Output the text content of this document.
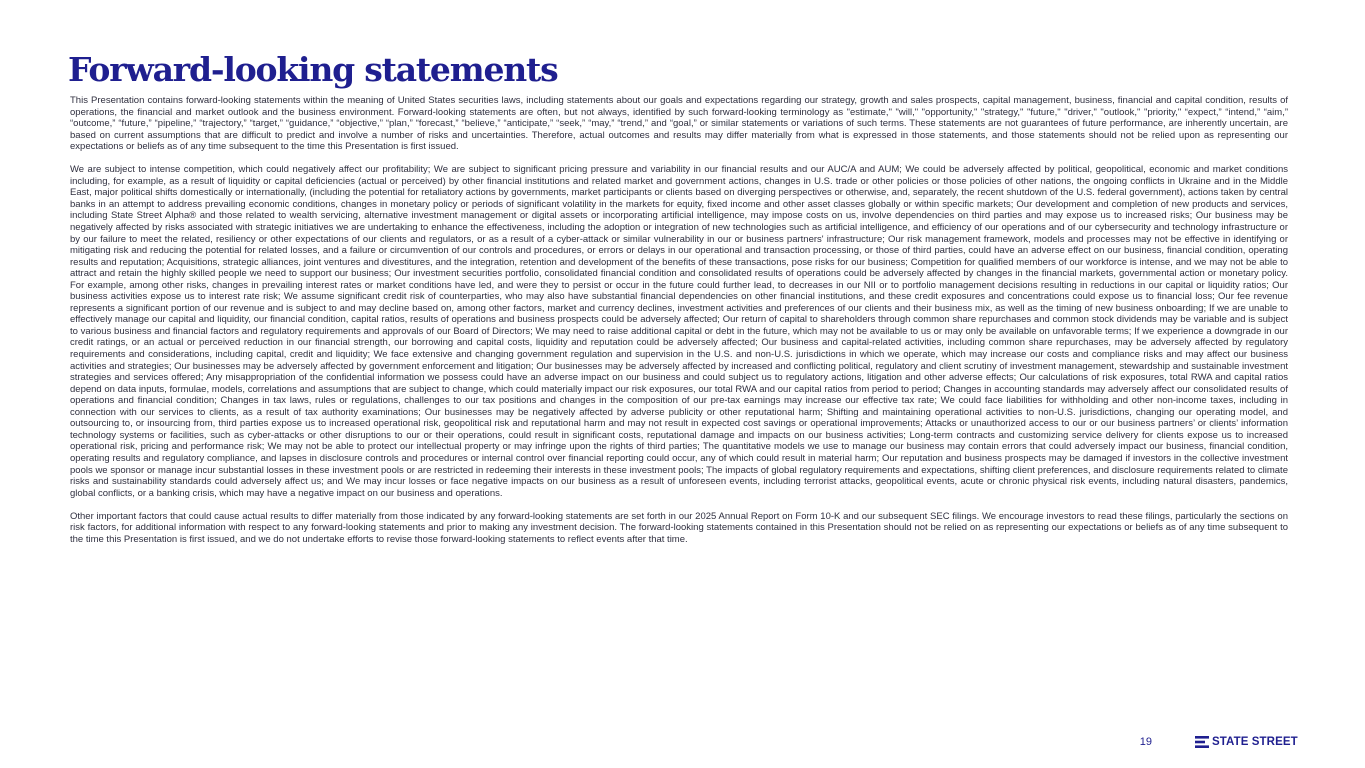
Forward-looking statements

This Presentation contains forward-looking statements within the meaning of United States securities laws, including statements about our goals and expectations regarding our strategy, growth and sales prospects, capital management, business, financial and capital condition, results of operations, the financial and market outlook and the business environment. Forward-looking statements are often, but not always, identified by such forward-looking terminology as "estimate," "will," "opportunity," "strategy," "future," "driver," "outlook," "priority," “expect,” “intend,” “aim,” “outcome,” “future,” “pipeline,” “trajectory,” “target,” “guidance,” “objective,” “plan,” “forecast,” “believe,” “anticipate,” “seek,” “may,” “trend,” and “goal,” or similar statements or variations of such terms. These statements are not guarantees of future performance, are inherently uncertain, are based on current assumptions that are difficult to predict and involve a number of risks and uncertainties. Therefore, actual outcomes and results may differ materially from what is expressed in those statements, and those statements should not be relied upon as representing our expectations or beliefs as of any time subsequent to the time this Presentation is first issued.

We are subject to intense competition, which could negatively affect our profitability; We are subject to significant pricing pressure and variability in our financial results and our AUC/A and AUM; We could be adversely affected by political, geopolitical, economic and market conditions including, for example, as a result of liquidity or capital deficiencies (actual or perceived) by other financial institutions and related market and government actions, changes in U.S. trade or other policies or those policies of other nations, the ongoing conflicts in Ukraine and in the Middle East, major political shifts domestically or internationally, (including the potential for retaliatory actions by governments, market participants or clients based on diverging perspectives or otherwise, and, separately, the recent shutdown of the U.S. federal government), actions taken by central banks in an attempt to address prevailing economic conditions, changes in monetary policy or periods of significant volatility in the markets for equity, fixed income and other asset classes globally or within specific markets; Our development and completion of new products and services, including State Street Alpha® and those related to wealth servicing, alternative investment management or digital assets or incorporating artificial intelligence, may impose costs on us, involve dependencies on third parties and may expose us to increased risks; Our business may be negatively affected by risks associated with strategic initiatives we are undertaking to enhance the effectiveness, including the adoption or integration of new technologies such as artificial intelligence, and efficiency of our operations and of our cybersecurity and technology infrastructure or by our failure to meet the related, resiliency or other expectations of our clients and regulators, or as a result of a cyber-attack or similar vulnerability in our or business partners' infrastructure; Our risk management framework, models and processes may not be effective in identifying or mitigating risk and reducing the potential for related losses, and a failure or circumvention of our controls and procedures, or errors or delays in our operational and transaction processing, or those of third parties, could have an adverse effect on our business, financial condition, operating results and reputation; Acquisitions, strategic alliances, joint ventures and divestitures, and the integration, retention and development of the benefits of these transactions, pose risks for our business; Competition for qualified members of our workforce is intense, and we may not be able to attract and retain the highly skilled people we need to support our business; Our investment securities portfolio, consolidated financial condition and consolidated results of operations could be adversely affected by changes in the financial markets, governmental action or monetary policy. For example, among other risks, changes in prevailing interest rates or market conditions have led, and were they to persist or occur in the future could further lead, to decreases in our NII or to portfolio management decisions resulting in reductions in our capital or liquidity ratios; Our business activities expose us to interest rate risk; We assume significant credit risk of counterparties, who may also have substantial financial dependencies on other financial institutions, and these credit exposures and concentrations could expose us to financial loss; Our fee revenue represents a significant portion of our revenue and is subject to and may decline based on, among other factors, market and currency declines, investment activities and preferences of our clients and their business mix, as well as the timing of new business onboarding; If we are unable to effectively manage our capital and liquidity, our financial condition, capital ratios, results of operations and business prospects could be adversely affected; Our return of capital to shareholders through common share repurchases and common stock dividends may be variable and is subject to various business and financial factors and regulatory requirements and approvals of our Board of Directors; We may need to raise additional capital or debt in the future, which may not be available to us or may only be available on unfavorable terms; If we experience a downgrade in our credit ratings, or an actual or perceived reduction in our financial strength, our borrowing and capital costs, liquidity and reputation could be adversely affected; Our business and capital-related activities, including common share repurchases, may be adversely affected by regulatory requirements and considerations, including capital, credit and liquidity; We face extensive and changing government regulation and supervision in the U.S. and non-U.S. jurisdictions in which we operate, which may increase our costs and compliance risks and may affect our business activities and strategies; Our businesses may be adversely affected by government enforcement and litigation; Our businesses may be adversely affected by increased and conflicting political, regulatory and client scrutiny of investment management, stewardship and sustainable investment strategies and services offered; Any misappropriation of the confidential information we possess could have an adverse impact on our business and could subject us to regulatory actions, litigation and other adverse effects; Our calculations of risk exposures, total RWA and capital ratios depend on data inputs, formulae, models, correlations and assumptions that are subject to change, which could materially impact our risk exposures, our total RWA and our capital ratios from period to period; Changes in accounting standards may adversely affect our consolidated results of operations and financial condition; Changes in tax laws, rules or regulations, challenges to our tax positions and changes in the composition of our pre-tax earnings may increase our effective tax rate; We could face liabilities for withholding and other non-income taxes, including in connection with our services to clients, as a result of tax authority examinations; Our businesses may be negatively affected by adverse publicity or other reputational harm; Shifting and maintaining operational activities to non-U.S. jurisdictions, changing our operating model, and outsourcing to, or insourcing from, third parties expose us to increased operational risk, geopolitical risk and reputational harm and may not result in expected cost savings or operational improvements; Attacks or unauthorized access to our or our business partners’ or clients’ information technology systems or facilities, such as cyber-attacks or other disruptions to our or their operations, could result in significant costs, reputational damage and impacts on our business activities; Long-term contracts and customizing service delivery for clients expose us to increased operational risk, pricing and performance risk; We may not be able to protect our intellectual property or may infringe upon the rights of third parties; The quantitative models we use to manage our business may contain errors that could adversely impact our business, financial condition, operating results and regulatory compliance, and lapses in disclosure controls and procedures or internal control over financial reporting could occur, any of which could result in material harm; Our reputation and business prospects may be damaged if investors in the collective investment pools we sponsor or manage incur substantial losses in these investment pools or are restricted in redeeming their interests in these investment pools; The impacts of global regulatory requirements and expectations, shifting client preferences, and disclosure requirements related to climate risks and sustainability standards could adversely affect us; and We may incur losses or face negative impacts on our business as a result of unforeseen events, including terrorist attacks, geopolitical events, acute or chronic physical risk events, including natural disasters, pandemics, global conflicts, or a banking crisis, which may have a negative impact on our business and operations.

Other important factors that could cause actual results to differ materially from those indicated by any forward-looking statements are set forth in our 2025 Annual Report on Form 10-K and our subsequent SEC filings. We encourage investors to read these filings, particularly the sections on risk factors, for additional information with respect to any forward-looking statements and prior to making any investment decision. The forward-looking statements contained in this Presentation should not be relied on as representing our expectations or beliefs as of any time subsequent to the time this Presentation is first issued, and we do not undertake efforts to revise those forward-looking statements to reflect events after that time.

19	STATE STREET
